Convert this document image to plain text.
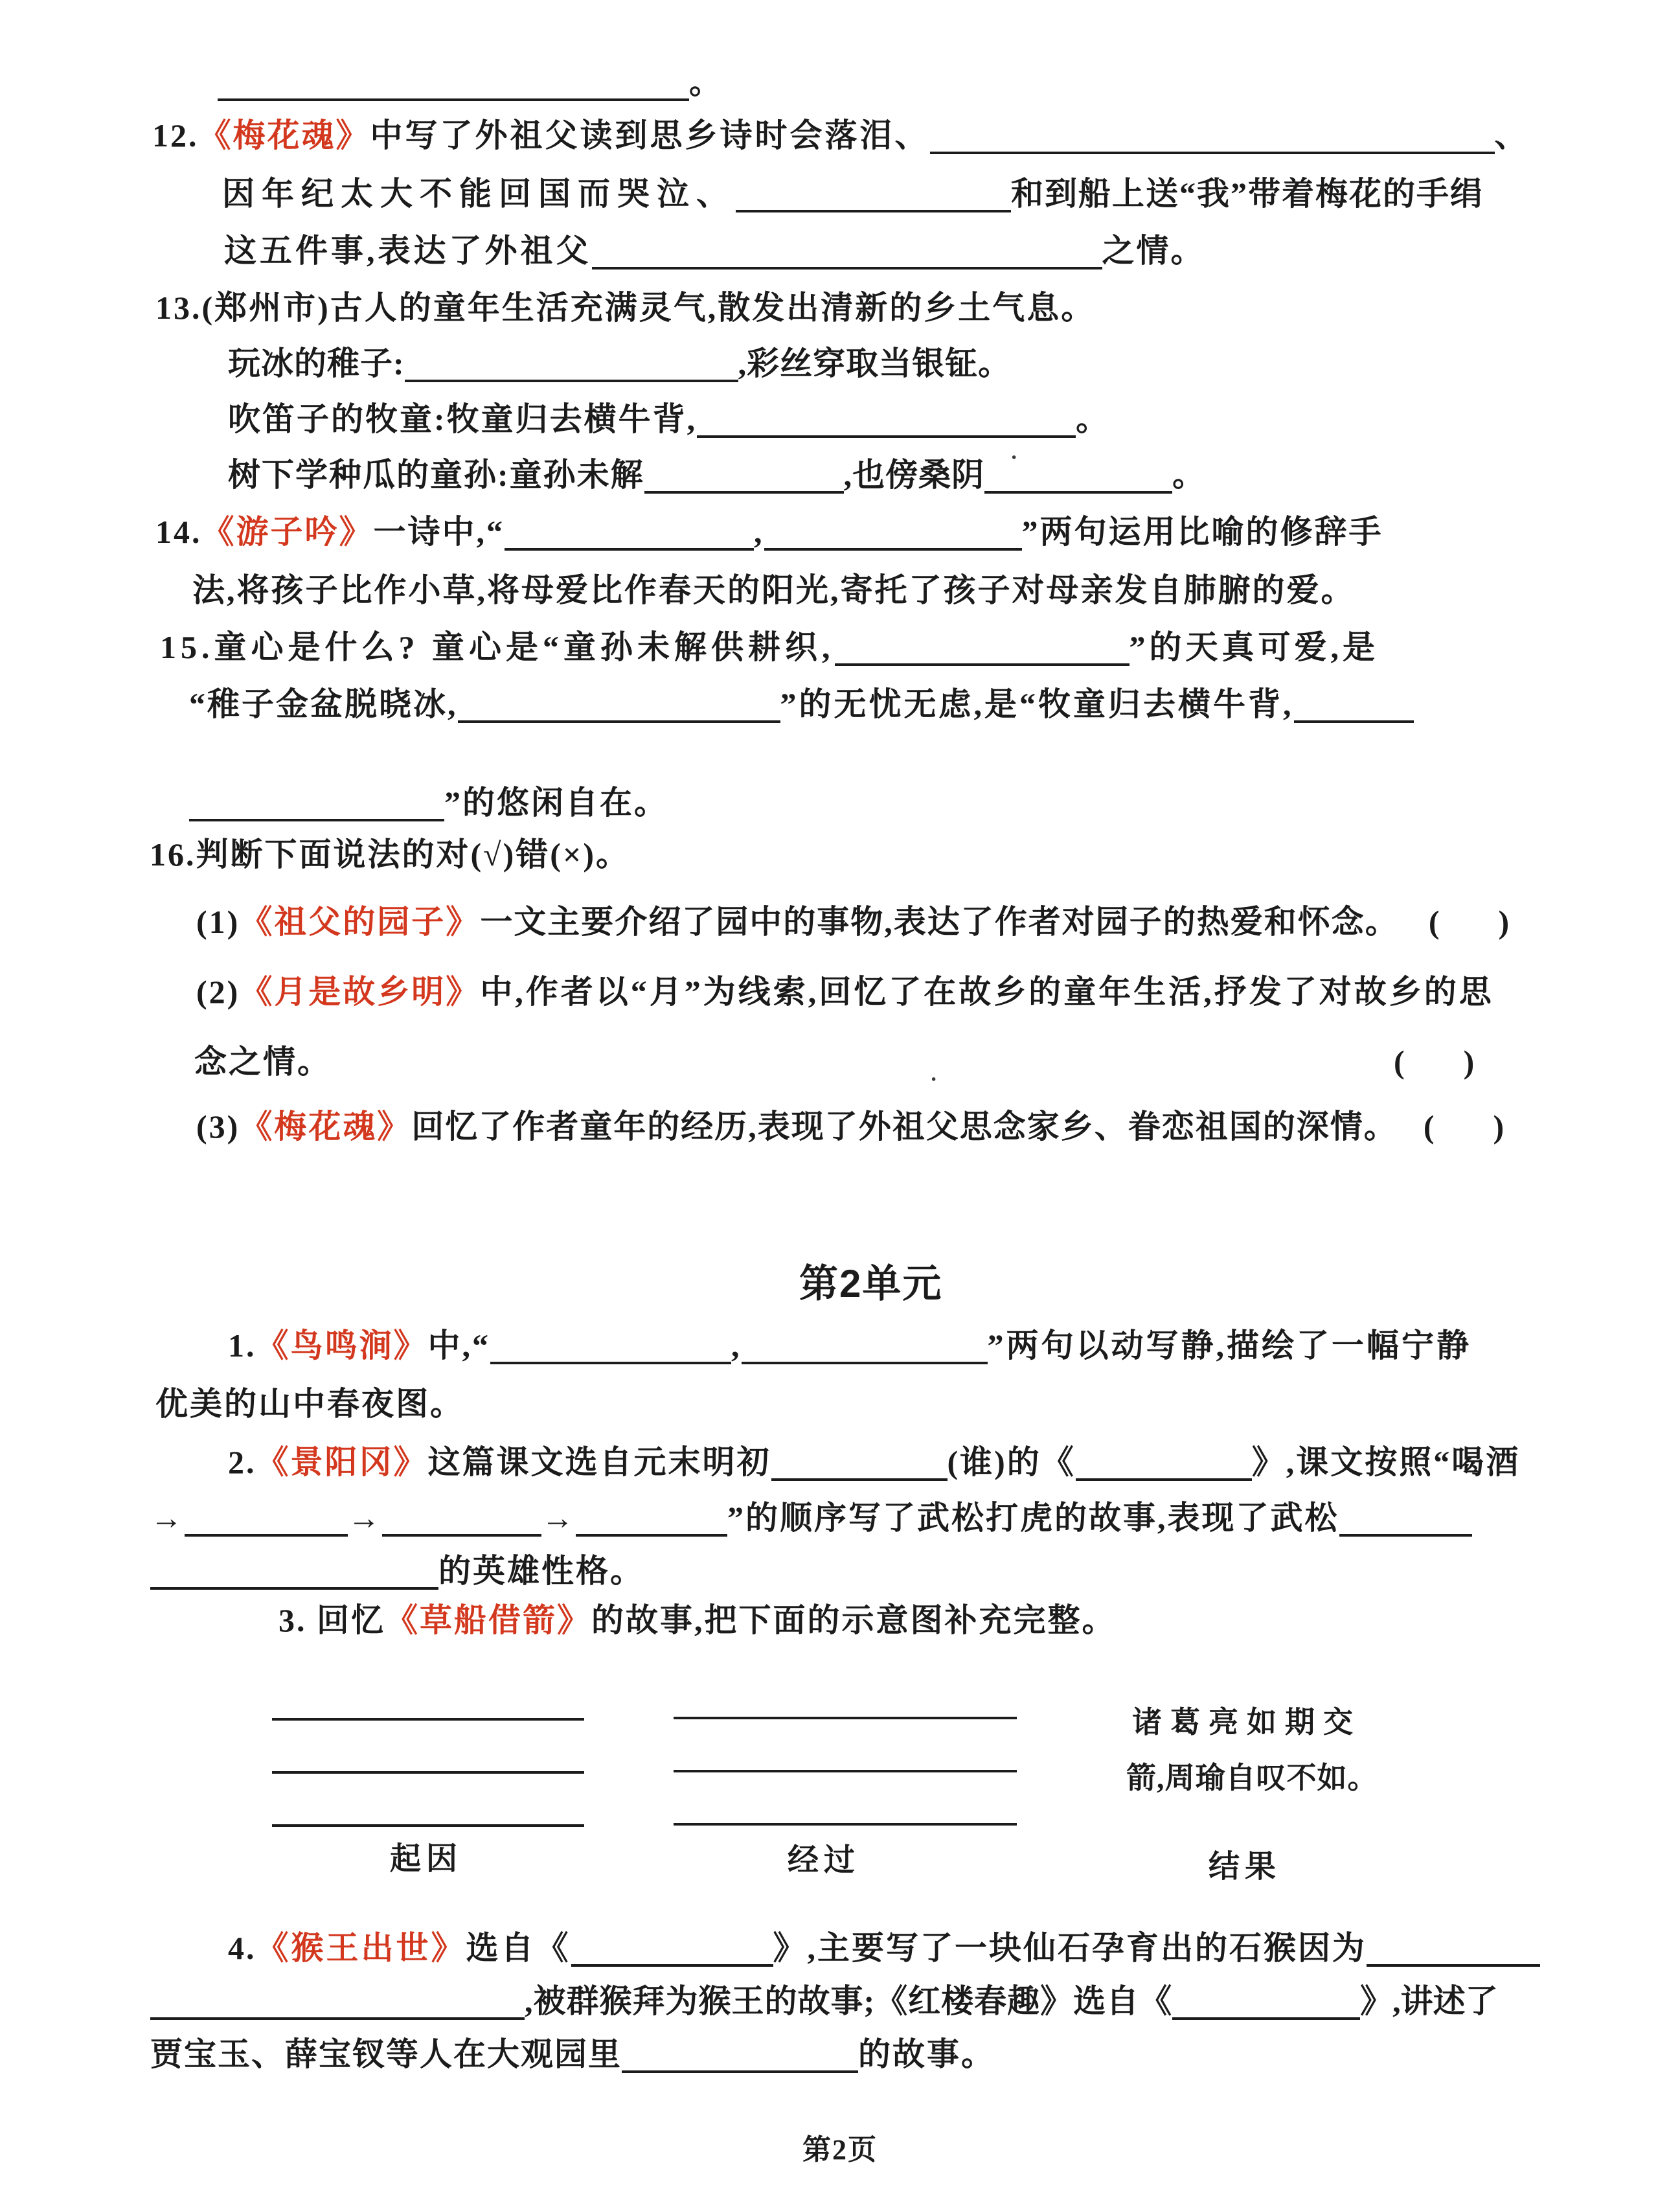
第2页
。
12.《梅花魂》中写了外祖父读到思乡诗时会落泪、	、
因年纪太大不能回国而哭泣、	和到船上送“我”带着梅花的手绢
这五件事,表达了外祖父	之情。
13.(郑州市)古人的童年生活充满灵气,散发出清新的乡土气息。
玩冰的稚子:	,彩丝穿取当银钲。
吹笛子的牧童:牧童归去横牛背,	。
树下学种瓜的童孙:童孙未解	,也傍桑阴	。
14.《游子吟》一诗中,“	,	”两句运用比喻的修辞手
法,将孩子比作小草,将母爱比作春天的阳光,寄托了孩子对母亲发自肺腑的爱。
15.童心是什么? 童心是“童孙未解供耕织,	”的天真可爱,是
“稚子金盆脱晓冰,	”的无忧无虑,是“牧童归去横牛背,
”的悠闲自在。
16.判断下面说法的对(√)错(×)。
(1)《祖父的园子》一文主要介绍了园中的事物,表达了作者对园子的热爱和怀念。 ( )
(2)《月是故乡明》中,作者以“月”为线索,回忆了在故乡的童年生活,抒发了对故乡的思
念之情。	( )
(3)《梅花魂》回忆了作者童年的经历,表现了外祖父思念家乡、眷恋祖国的深情。 ( )
第2单元
1.《鸟鸣涧》中,“	,	”两句以动写静,描绘了一幅宁静
优美的山中春夜图。
2.《景阳冈》这篇课文选自元末明初	(谁)的《	》,课文按照“喝酒
→	→	→	”的顺序写了武松打虎的故事,表现了武松
的英雄性格。
3. 回忆《草船借箭》的故事,把下面的示意图补充完整。
诸葛亮如期交
箭,周瑜自叹不如。
起因	经过	结果
4.《猴王出世》选自《	》,主要写了一块仙石孕育出的石猴因为
,被群猴拜为猴王的故事;《红楼春趣》选自《	》,讲述了
贾宝玉、薛宝钗等人在大观园里	的故事。
·
·
